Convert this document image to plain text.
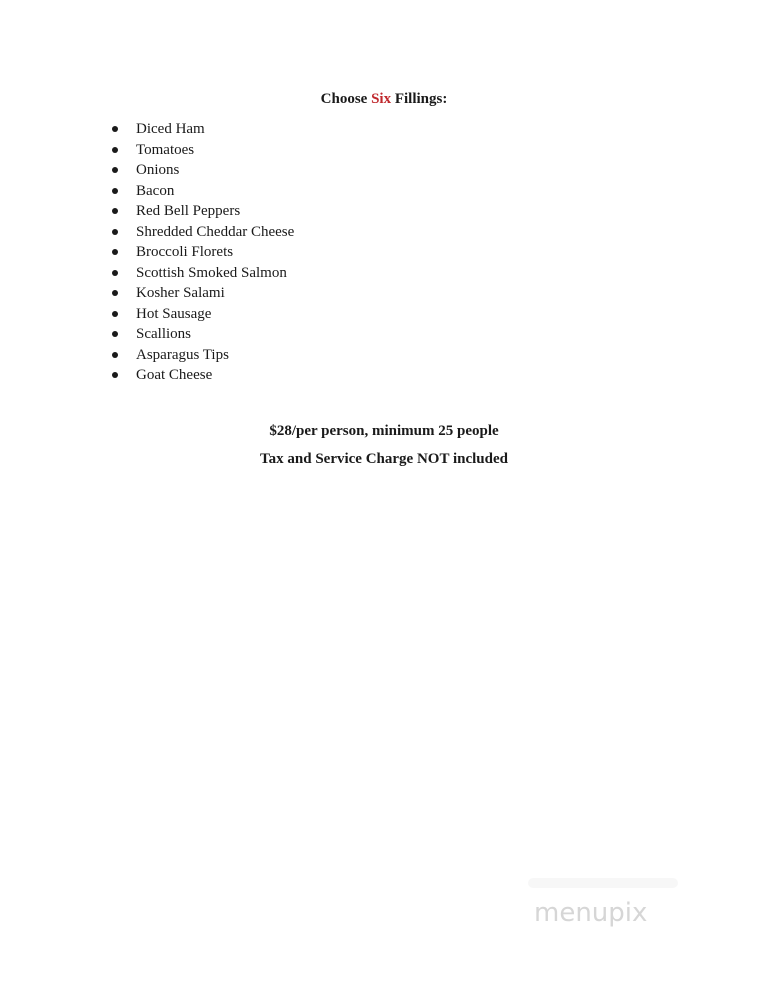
Choose Six Fillings:
Diced Ham
Tomatoes
Onions
Bacon
Red Bell Peppers
Shredded Cheddar Cheese
Broccoli Florets
Scottish Smoked Salmon
Kosher Salami
Hot Sausage
Scallions
Asparagus Tips
Goat Cheese
$28/per person, minimum 25 people
Tax and Service Charge NOT included
menupix
